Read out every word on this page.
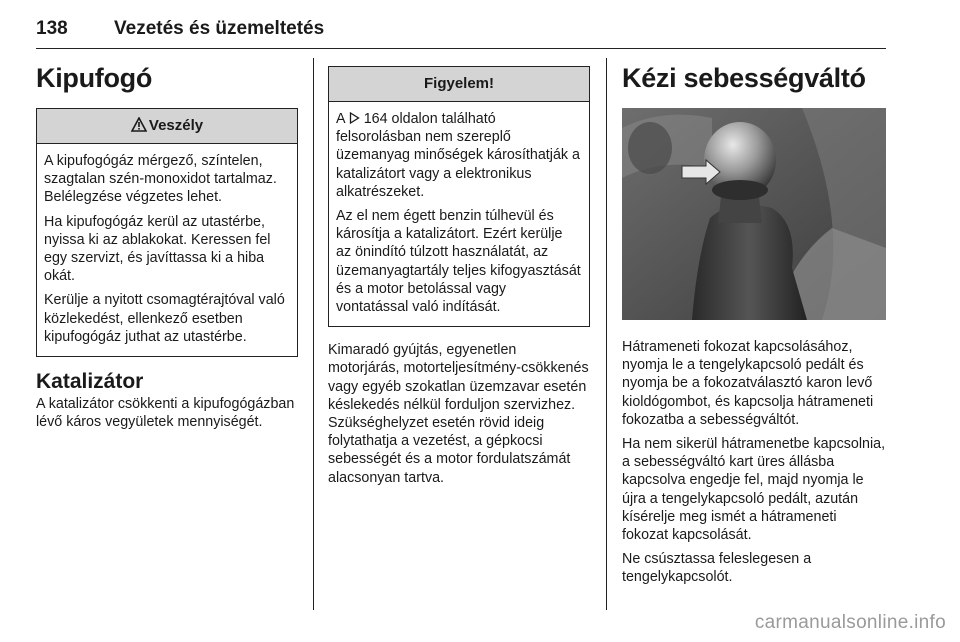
138 Vezetés és üzemeltetés
Kipufogó
Veszély

A kipufogógáz mérgező, színtelen, szagtalan szén-monoxidot tartalmaz. Belélegzése végzetes lehet.

Ha kipufogógáz kerül az utastérbe, nyissa ki az ablakokat. Keressen fel egy szervizt, és javíttassa ki a hiba okát.

Kerülje a nyitott csomagtérajtóval való közlekedést, ellenkező esetben kipufogógáz juthat az utastérbe.

Katalizátor

A katalizátor csökkenti a kipufogógázban lévő káros vegyületek mennyiségét.

Figyelem!

A  164 oldalon található felsorolásban nem szereplő üzemanyag minőségek károsíthatják a katalizátort vagy a elektronikus alkatrészeket.

Az el nem égett benzin túlhevül és károsítja a katalizátort. Ezért kerülje az önindító túlzott használatát, az üzemanyagtartály teljes kifogyasztását és a motor betolással vagy vontatással való indítását.

Kimaradó gyújtás, egyenetlen motorjárás, motorteljesítmény-csökkenés vagy egyéb szokatlan üzemzavar esetén késlekedés nélkül forduljon szervizhez. Szükséghelyzet esetén rövid ideig folytathatja a vezetést, a gépkocsi sebességét és a motor fordulatszámát alacsonyan tartva.

Kézi sebességváltó

Hátrameneti fokozat kapcsolásához, nyomja le a tengelykapcsoló pedált és nyomja be a fokozatválasztó karon levő kioldógombot, és kapcsolja hátrameneti fokozatba a sebességváltót.

Ha nem sikerül hátramenetbe kapcsolnia, a sebességváltó kart üres állásba kapcsolva engedje fel, majd nyomja le újra a tengelykapcsoló pedált, azután kísérelje meg ismét a hátrameneti fokozat kapcsolását.

Ne csúsztassa feleslegesen a tengelykapcsolót.

carmanualsonline.info
